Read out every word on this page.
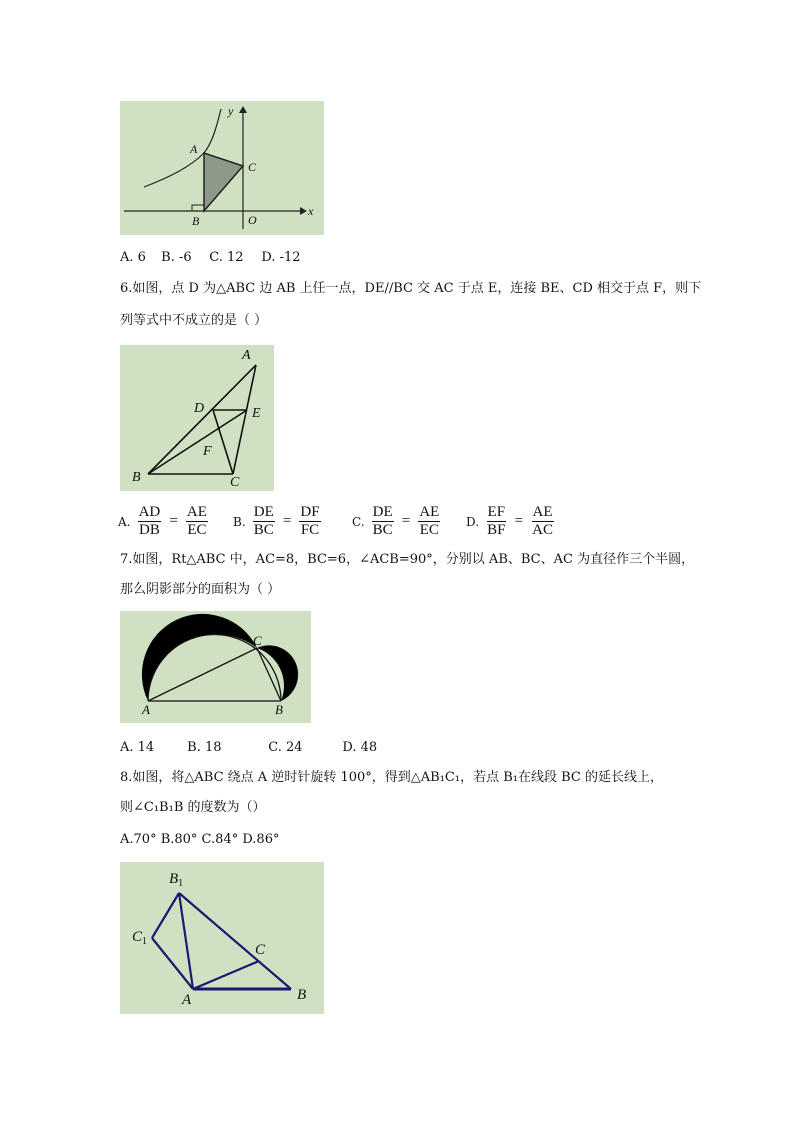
y
x
A
B
C
O
A. 6 B. -6 C. 12 D. -12
6.如图，点 D 为△ABC 边 AB 上任一点，DE//BC 交 AC 于点 E，连接 BE、CD 相交于点 F，则下
列等式中不成立的是（ ）
A
B	C
D	E
F
A. $\frac{AD}{DB} = \frac{AE}{EC} B$. $\frac{DE}{BC} = \frac{DF}{FC}$	C. $\frac{DE}{BC} = \frac{AE}{EC} D$. $\frac{EF}{BF} = \frac{AE}{AC}$
7.如图，Rt△ABC 中，AC=8，BC=6，∠ACB=90°，分别以 AB、BC、AC 为直径作三个半圆，
那么阴影部分的面积为（ ）
A	B
C
A. 14	B. 18	C. 24	D. 48
8.如图，将△ABC 绕点 A 逆时针旋转 100°，得到△AB₁C₁，若点 B₁在线段 BC 的延长线上，
则∠C₁B₁B 的度数为（）
A.70° B.80° C.84° D.86°
$B_1$
$C_1$
A	B
C
